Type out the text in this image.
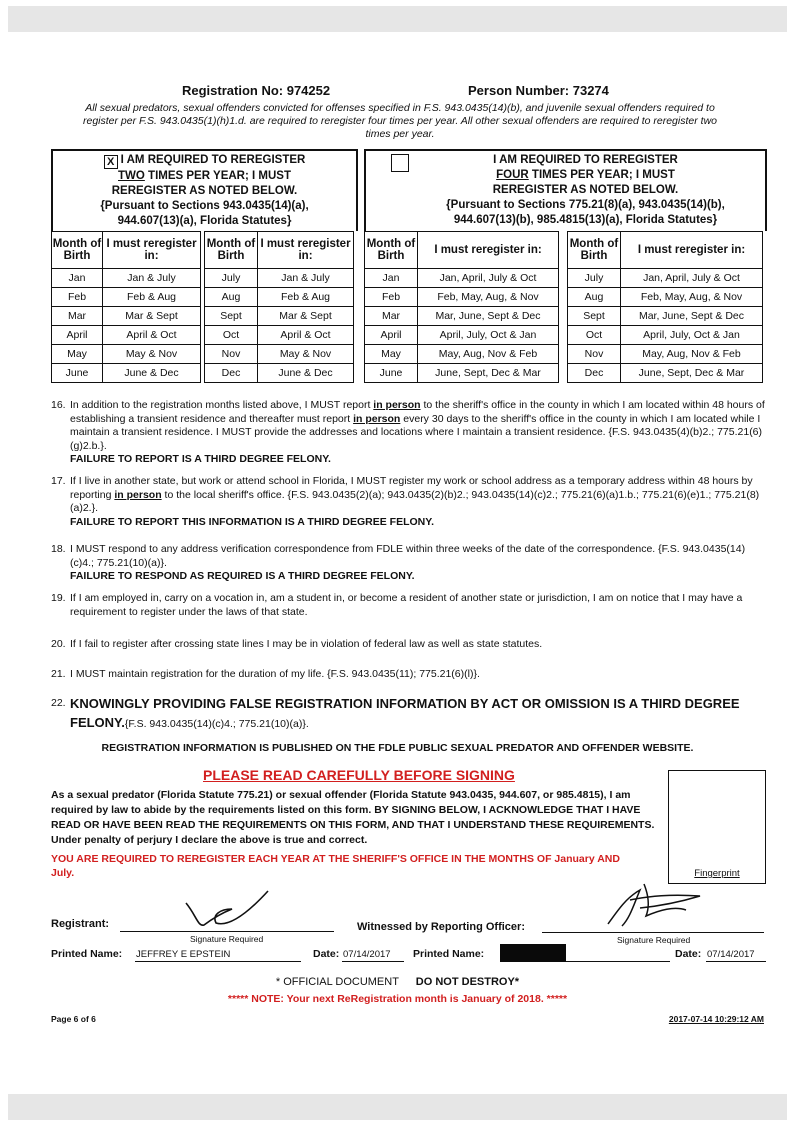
Registration No: 974252	Person Number: 73274
All sexual predators, sexual offenders convicted for offenses specified in F.S. 943.0435(14)(b), and juvenile sexual offenders required to register per F.S. 943.0435(1)(h)1.d. are required to reregister four times per year. All other sexual offenders are required to reregister two times per year.
X I AM REQUIRED TO REREGISTER
TWO TIMES PER YEAR; I MUST
REREGISTER AS NOTED BELOW.
{Pursuant to Sections 943.0435(14)(a),
944.607(13)(a), Florida Statutes}
Month of Birth	I must reregister in:
Jan	Jan & July
Feb	Feb & Aug
Mar	Mar & Sept
April	April & Oct
May	May & Nov
June	June & Dec
Month of Birth	I must reregister in:
July	Jan & July
Aug	Feb & Aug
Sept	Mar & Sept
Oct	April & Oct
Nov	May & Nov
Dec	June & Dec
I AM REQUIRED TO REREGISTER
FOUR TIMES PER YEAR; I MUST
REREGISTER AS NOTED BELOW.
{Pursuant to Sections 775.21(8)(a), 943.0435(14)(b),
944.607(13)(b), 985.4815(13)(a), Florida Statutes}
Month of Birth	I must reregister in:
Jan	Jan, April, July & Oct
Feb	Feb, May, Aug, & Nov
Mar	Mar, June, Sept & Dec
April	April, July, Oct & Jan
May	May, Aug, Nov & Feb
June	June, Sept, Dec & Mar
Month of Birth	I must reregister in:
July	Jan, April, July & Oct
Aug	Feb, May, Aug, & Nov
Sept	Mar, June, Sept & Dec
Oct	April, July, Oct & Jan
Nov	May, Aug, Nov & Feb
Dec	June, Sept, Dec & Mar
16. In addition to the registration months listed above, I MUST report in person to the sheriff's office in the county in which I am located within 48 hours of establishing a transient residence and thereafter must report in person every 30 days to the sheriff's office in the county in which I am located while I maintain a transient residence. I MUST provide the addresses and locations where I maintain a transient residence. {F.S. 943.0435(4)(b)2.; 775.21(6)(g)2.b.}.
FAILURE TO REPORT IS A THIRD DEGREE FELONY.
17. If I live in another state, but work or attend school in Florida, I MUST register my work or school address as a temporary address within 48 hours by reporting in person to the local sheriff's office. {F.S. 943.0435(2)(a); 943.0435(2)(b)2.; 943.0435(14)(c)2.; 775.21(6)(a)1.b.; 775.21(6)(e)1.; 775.21(8)(a)2.}.
FAILURE TO REPORT THIS INFORMATION IS A THIRD DEGREE FELONY.
18. I MUST respond to any address verification correspondence from FDLE within three weeks of the date of the correspondence. {F.S. 943.0435(14)(c)4.; 775.21(10)(a)}.
FAILURE TO RESPOND AS REQUIRED IS A THIRD DEGREE FELONY.
19. If I am employed in, carry on a vocation in, am a student in, or become a resident of another state or jurisdiction, I am on notice that I may have a requirement to register under the laws of that state.
20. If I fail to register after crossing state lines I may be in violation of federal law as well as state statutes.
21. I MUST maintain registration for the duration of my life. {F.S. 943.0435(11); 775.21(6)(l)}.
22. KNOWINGLY PROVIDING FALSE REGISTRATION INFORMATION BY ACT OR OMISSION IS A THIRD DEGREE FELONY.{F.S. 943.0435(14)(c)4.; 775.21(10)(a)}.
REGISTRATION INFORMATION IS PUBLISHED ON THE FDLE PUBLIC SEXUAL PREDATOR AND OFFENDER WEBSITE.
PLEASE READ CAREFULLY BEFORE SIGNING
As a sexual predator (Florida Statute 775.21) or sexual offender (Florida Statute 943.0435, 944.607, or 985.4815), I am required by law to abide by the requirements listed on this form. BY SIGNING BELOW, I ACKNOWLEDGE THAT I HAVE READ OR HAVE BEEN READ THE REQUIREMENTS ON THIS FORM, AND THAT I UNDERSTAND THESE REQUIREMENTS. Under penalty of perjury I declare the above is true and correct.
YOU ARE REQUIRED TO REREGISTER EACH YEAR AT THE SHERIFF'S OFFICE IN THE MONTHS OF January AND July.	Fingerprint
Registrant:
Signature Required
Witnessed by Reporting Officer:
Signature Required
Printed Name: JEFFREY E EPSTEIN	Date: 07/14/2017 Printed Name:	Date: 07/14/2017
* OFFICIAL DOCUMENT DO NOT DESTROY*
***** NOTE: Your next ReRegistration month is January of 2018. *****
Page 6 of 6	2017-07-14 10:29:12 AM
